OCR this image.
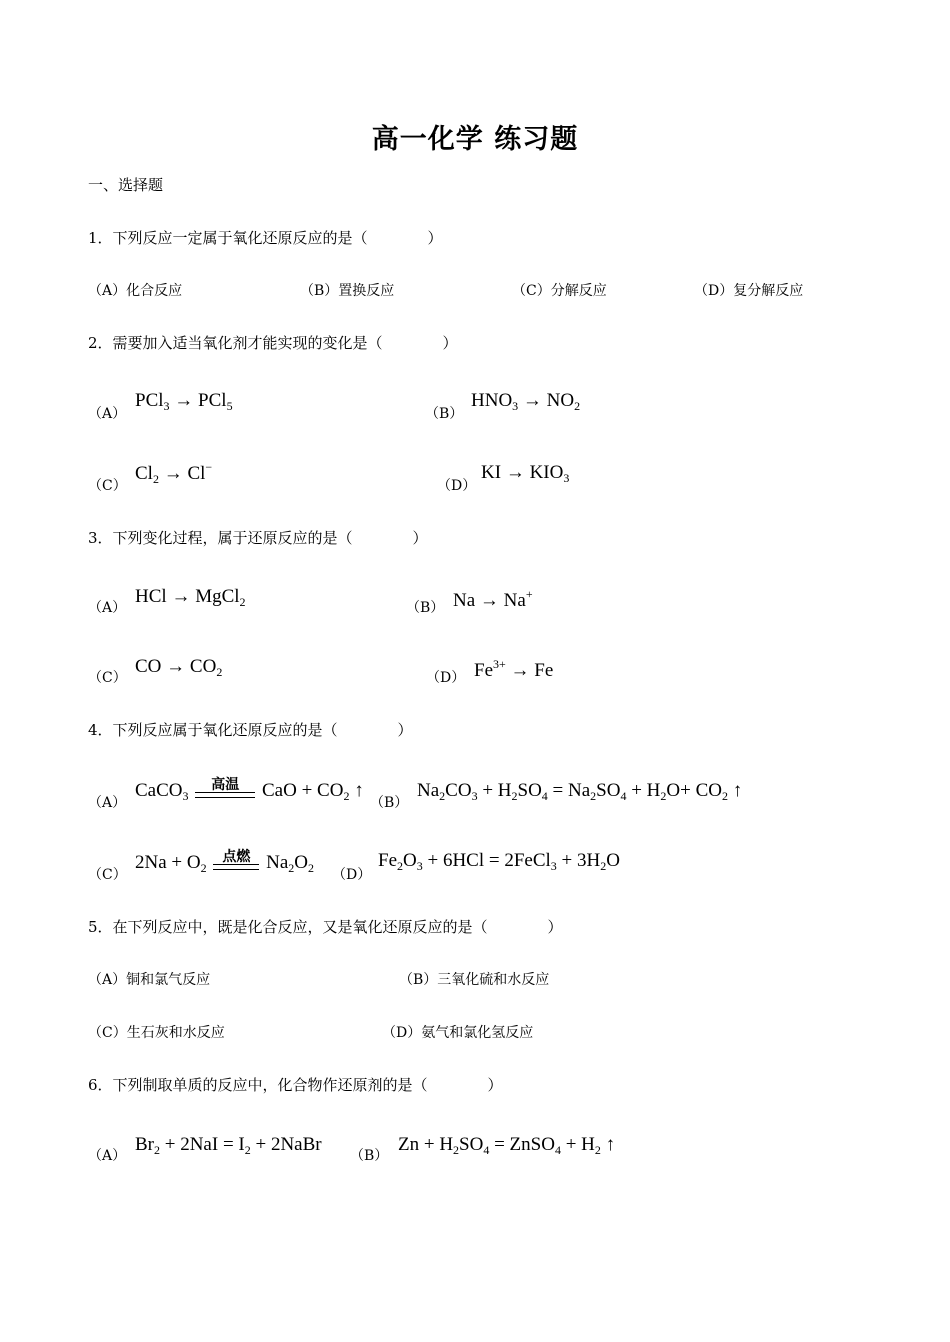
高一化学 练习题
一、选择题
1．下列反应一定属于氧化还原反应的是（　　　　）
（A）化合反应	（B）置换反应	（C）分解反应	（D）复分解反应
2．需要加入适当氧化剂才能实现的变化是（　　　　）
（A）
PCl$_3$ → PCl$_5$	（B）
$HNO_3 \to NO_2$
（C）
$Cl_2 \to Cl^-$
（D）
KI → $KIO_3$
3．下列变化过程，属于还原反应的是（　　　　）
（A）
HCl → MgCl$_2$	（B） Na → Na+
（C）
CO → $CO_2$	（D） $Fe^{3+} \to Fe$
4．下列反应属于氧化还原反应的是（　　　　）
（A）
CaCO$_3$
高温	CaO + $CO_2$ ↑
（B）
$Na_2CO_3 + H_2SO_4 = Na_2SO_4 + H_2O+ CO_2$ ↑
（C）
$2Na + O_2$
点燃 $Na_2O_2$ （D）
$Fe_2O_3 + 6HCl$ = 2FeCl$_3$ + $3H_2O$
5．在下列反应中，既是化合反应，又是氧化还原反应的是（　　　　）
（A）铜和氯气反应	（B）三氧化硫和水反应
（C）生石灰和水反应	（D）氨气和氯化氢反应
6．下列制取单质的反应中，化合物作还原剂的是（　　　　）
（A）
$Br_2 + 2NaI = I_2$ + 2NaBr
（B）
$Zn + H_2SO_4$ = ZnSO$_4$ + $H_2$ ↑
